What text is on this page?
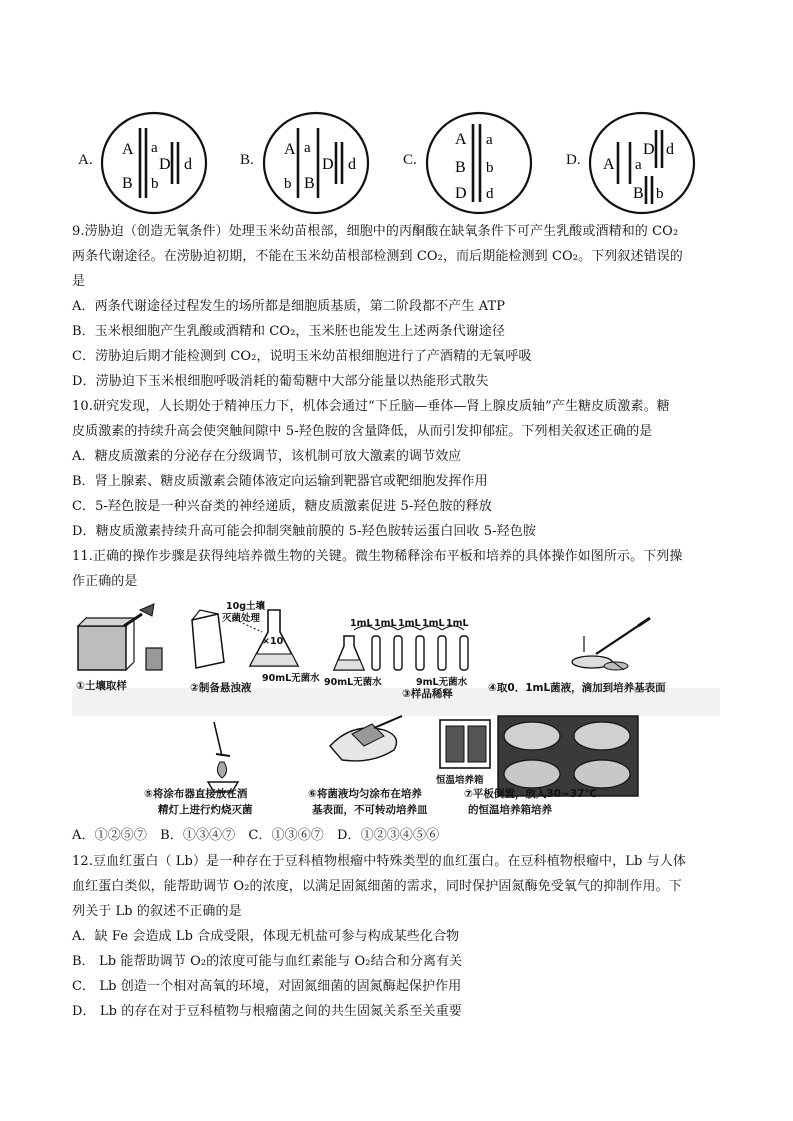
A.
A
B
a
b
D d	B.
A
b
a
B
D d	C.
A
B
D
a
b
d
D. A a
D d
B b
9.涝胁迫（创造无氧条件）处理玉米幼苗根部，细胞中的丙酮酸在缺氧条件下可产生乳酸或酒精和的 CO₂
两条代谢途径。在涝胁迫初期，不能在玉米幼苗根部检测到 CO₂，而后期能检测到 CO₂。下列叙述错误的
是
A．两条代谢途径过程发生的场所都是细胞质基质，第二阶段都不产生 ATP
B．玉米根细胞产生乳酸或酒精和 CO₂，玉米胚也能发生上述两条代谢途径
C．涝胁迫后期才能检测到 CO₂，说明玉米幼苗根细胞进行了产酒精的无氧呼吸
D．涝胁迫下玉米根细胞呼吸消耗的葡萄糖中大部分能量以热能形式散失
10.研究发现，人长期处于精神压力下，机体会通过“下丘脑—垂体—肾上腺皮质轴”产生糖皮质激素。糖
皮质激素的持续升高会使突触间隙中 5-羟色胺的含量降低，从而引发抑郁症。下列相关叙述正确的是
A．糖皮质激素的分泌存在分级调节，该机制可放大激素的调节效应
B．肾上腺素、糖皮质激素会随体液定向运输到靶器官或靶细胞发挥作用
C．5-羟色胺是一种兴奋类的神经递质，糖皮质激素促进 5-羟色胺的释放
D．糖皮质激素持续升高可能会抑制突触前膜的 5-羟色胺转运蛋白回收 5-羟色胺
11.正确的操作步骤是获得纯培养微生物的关键。微生物稀释涂布平板和培养的具体操作如图所示。下列操
作正确的是
10g土壤
灭菌处理
×10
90mL无菌水 90mL无菌水	9mL无菌水
1mL 1mL 1mL 1mL 1mL
恒温培养箱
①土壤取样	②制备悬浊液	③样品稀释	④取0．1mL菌液，滴加到培养基表面
⑤将涂布器直接放在酒
精灯上进行灼烧灭菌
⑥将菌液均匀涂布在培养
基表面，不可转动培养皿
⑦平板倒置，放入30~37℃
的恒温培养箱培养
A．①②⑤⑦　B．①③④⑦　C．①③⑥⑦　D．①②③④⑤⑥
12.豆血红蛋白（ Lb）是一种存在于豆科植物根瘤中特殊类型的血红蛋白。在豆科植物根瘤中，Lb 与人体
血红蛋白类似，能帮助调节 O₂的浓度，以满足固氮细菌的需求，同时保护固氮酶免受氧气的抑制作用。下
列关于 Lb 的叙述不正确的是
A．缺 Fe 会造成 Lb 合成受限，体现无机盐可参与构成某些化合物
B． Lb 能帮助调节 O₂的浓度可能与血红素能与 O₂结合和分离有关
C． Lb 创造一个相对高氧的环境，对固氮细菌的固氮酶起保护作用
D． Lb 的存在对于豆科植物与根瘤菌之间的共生固氮关系至关重要
